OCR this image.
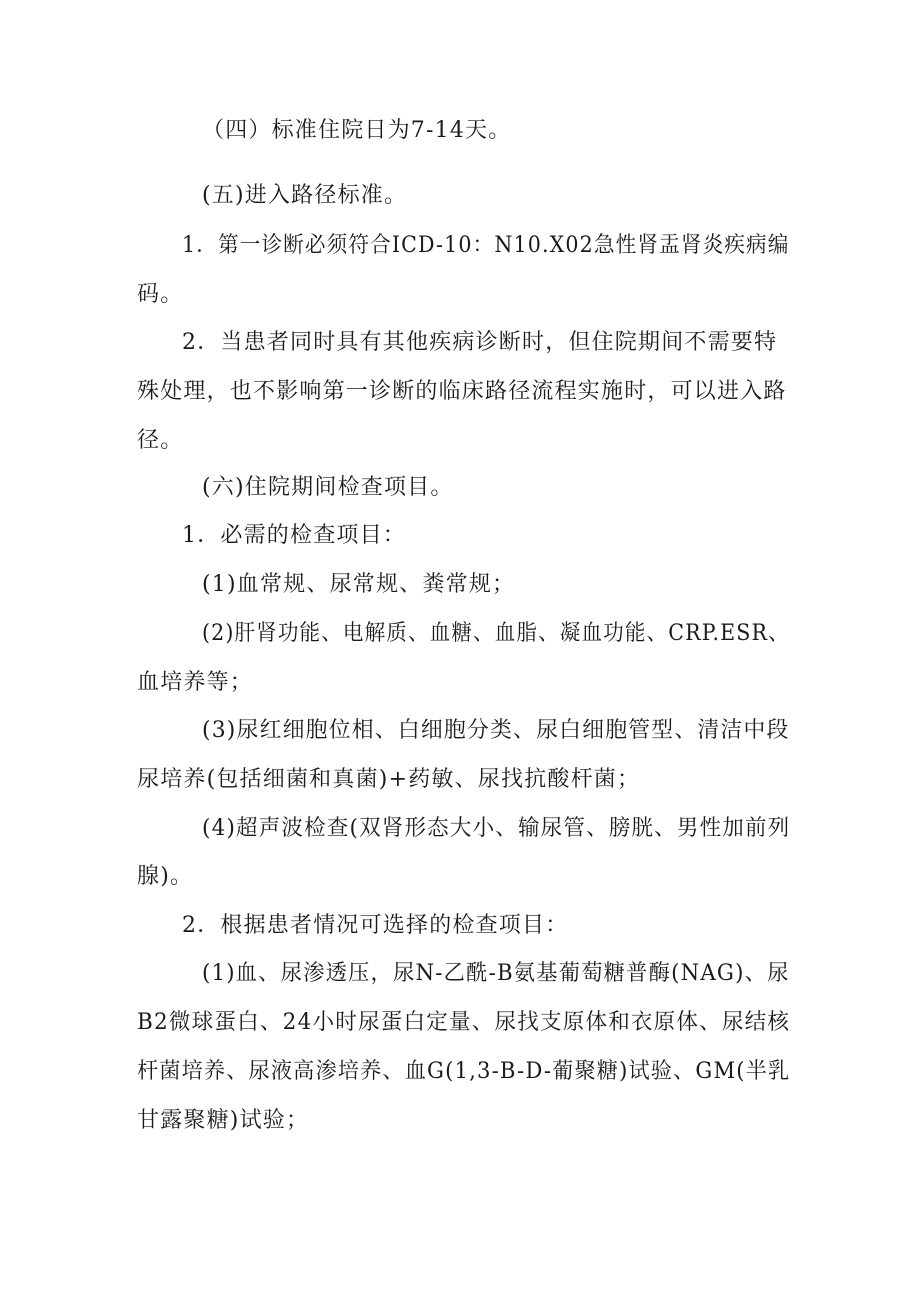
（四）标准住院日为7-14天。
(五)进入路径标准。
1．第一诊断必须符合ICD-10：N10.X02急性肾盂肾炎疾病编
码。
2．当患者同时具有其他疾病诊断时，但住院期间不需要特
殊处理，也不影响第一诊断的临床路径流程实施时，可以进入路
径。
(六)住院期间检查项目。
1．必需的检查项目：
(1)血常规、尿常规、粪常规；
(2)肝肾功能、电解质、血糖、血脂、凝血功能、CRP.ESR、
血培养等；
(3)尿红细胞位相、白细胞分类、尿白细胞管型、清洁中段
尿培养(包括细菌和真菌)+药敏、尿找抗酸杆菌；
(4)超声波检查(双肾形态大小、输尿管、膀胱、男性加前列
腺)。
2．根据患者情况可选择的检查项目：
(1)血、尿渗透压，尿N-乙酰-B氨基葡萄糖普酶(NAG)、尿
B2微球蛋白、24小时尿蛋白定量、尿找支原体和衣原体、尿结核
杆菌培养、尿液高渗培养、血G(1,3-B-D-葡聚糖)试验、GM(半乳
甘露聚糖)试验；
